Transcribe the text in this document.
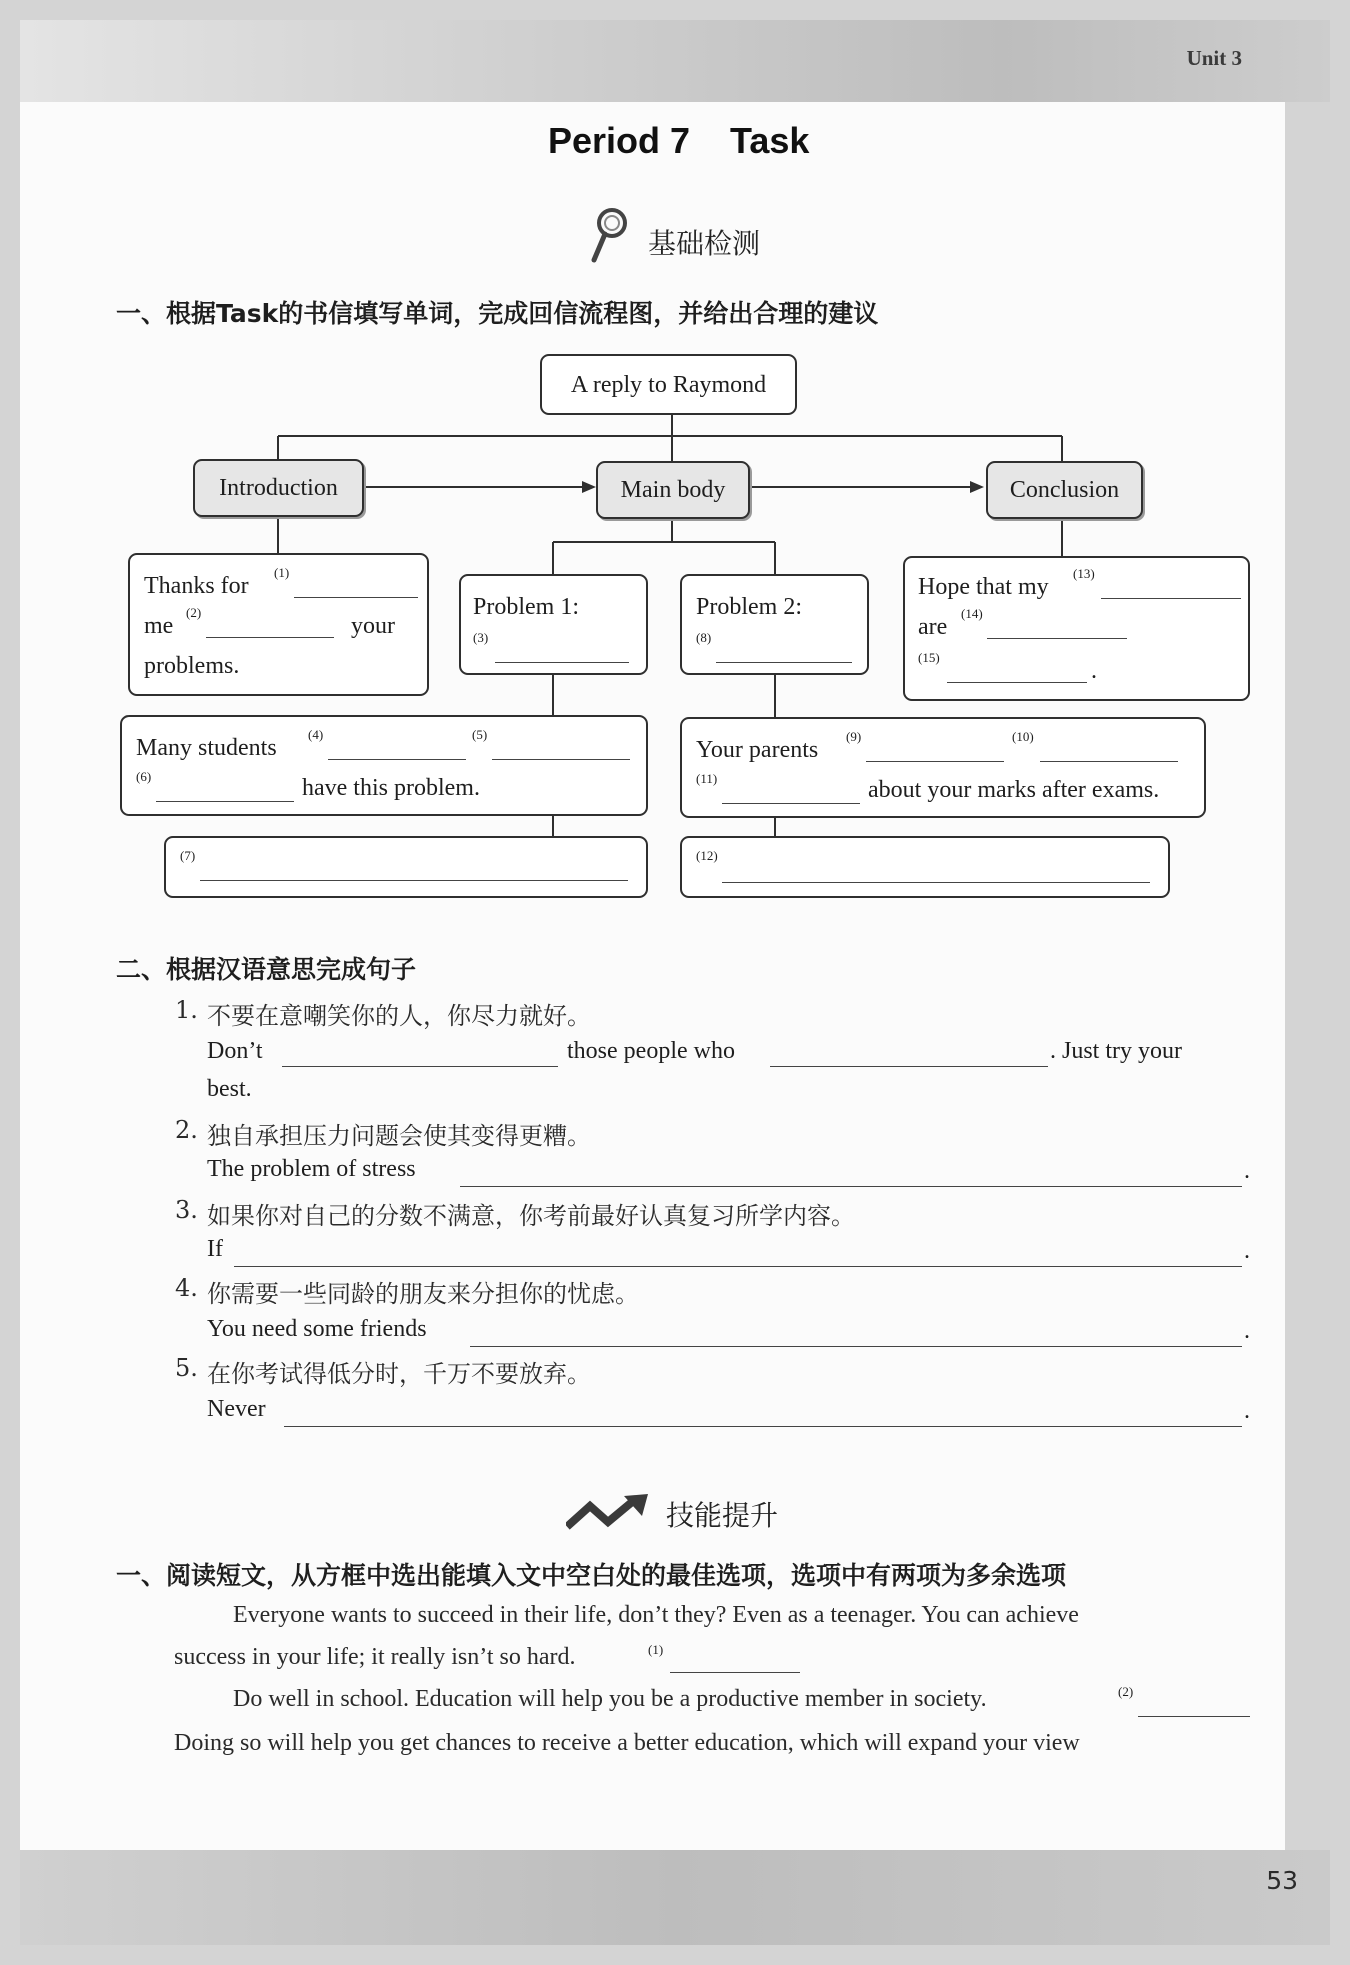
Unit 3
53
Period 7    Task
基础检测
一、根据Task的书信填写单词，完成回信流程图，并给出合理的建议
A reply to Raymond
Introduction	Main body	Conclusion
Thanks for
(1)
me
(2)
your
problems.
Problem 1:
(3)
Problem 2:
(8)
Hope that my
(13)
are
(14)
(15)
.
Many students
(4)	(5)
(6)	have this problem.
Your parents
(9)	(10)
(11)	about your marks after exams.
(7)	(12)
二、根据汉语意思完成句子
1. 不要在意嘲笑你的人，你尽力就好。
Don’t	those people who	. Just try your
best.
2. 独自承担压力问题会使其变得更糟。
The problem of stress	.
3. 如果你对自己的分数不满意，你考前最好认真复习所学内容。
If	.
4. 你需要一些同龄的朋友来分担你的忧虑。
You need some friends	.
5. 在你考试得低分时，千万不要放弃。
Never	.
技能提升
一、阅读短文，从方框中选出能填入文中空白处的最佳选项，选项中有两项为多余选项
Everyone wants to succeed in their life, don’t they? Even as a teenager. You can achieve
success in your life; it really isn’t so hard.	(1)
Do well in school. Education will help you be a productive member in society.	(2)
Doing so will help you get chances to receive a better education, which will expand your view
